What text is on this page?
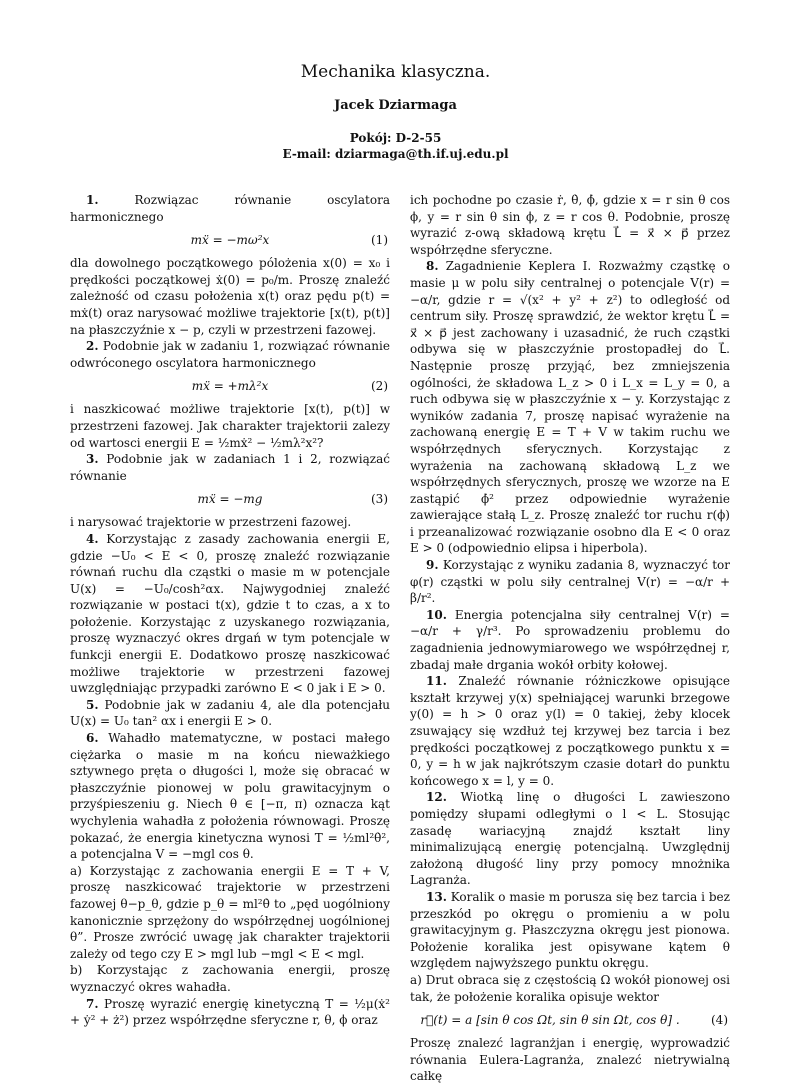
Mechanika klasyczna.
Jacek Dziarmaga
Pokój: D-2-55
E-mail: dziarmaga@th.if.uj.edu.pl

1.	Rozwiązac równanie oscylatora harmonicznego

mẍ = −mω²x	(1)

dla dowolnego początkowego pólożenia x(0) = x₀ i prędkości początkowej ẋ(0) = p₀/m. Proszę znaleźć zależność od czasu położenia x(t) oraz pędu p(t) = mẋ(t) oraz narysować możliwe trajektorie [x(t), p(t)] na płaszczyźnie x − p, czyli w przestrzeni fazowej.

2. Podobnie jak w zadaniu 1, rozwiązać równanie odwróconego oscylatora harmonicznego

mẍ = +mλ²x	(2)

i naszkicować możliwe trajektorie [x(t), p(t)] w przestrzeni fazowej. Jak charakter trajektorii zalezy od wartosci energii E = ½mẋ² − ½mλ²x²?

3. Podobnie jak w zadaniach 1 i 2, rozwiązać równanie

mẍ = −mg	(3)

i narysować trajektorie w przestrzeni fazowej.

4. Korzystając z zasady zachowania energii E, gdzie −U₀ < E < 0, proszę znaleźć rozwiązanie równań ruchu dla cząstki o masie m w potencjale U(x) = −U₀/cosh²αx. Najwygodniej znaleźć rozwiązanie w postaci t(x), gdzie t to czas, a x to położenie. Korzystając z uzyskanego rozwiązania, proszę wyznaczyć okres drgań w tym potencjale w funkcji energii E. Dodatkowo proszę naszkicować możliwe trajektorie w przestrzeni fazowej uwzględniając przypadki zarówno E < 0 jak i E > 0.

5. Podobnie jak w zadaniu 4, ale dla potencjału U(x) = U₀ tan² αx i energii E > 0.

6. Wahadło matematyczne, w postaci małego ciężarka o masie m na końcu nieważkiego sztywnego pręta o długości l, może się obracać w płaszczyźnie pionowej w polu grawitacyjnym o przyśpieszeniu g. Niech θ ∈ [−π, π) oznacza kąt wychylenia wahadła z położenia równowagi. Proszę pokazać, że energia kinetyczna wynosi T = ½ml²θ̇², a potencjalna V = −mgl cos θ.

a) Korzystając z zachowania energii E = T + V, proszę naszkicować trajektorie w przestrzeni fazowej θ−p_θ, gdzie p_θ = ml²θ̇ to „pęd uogólniony kanonicznie sprzężony do współrzędnej uogólnionej θ”. Prosze zwrócić uwagę jak charakter trajektorii zależy od tego czy E > mgl lub −mgl < E < mgl.

b) Korzystając z zachowania energii, proszę wyznaczyć okres wahadła.

7. Proszę wyrazić energię kinetyczną T = ½μ(ẋ² + ẏ² + ż²) przez współrzędne sferyczne r, θ, ϕ oraz

ich pochodne po czasie ṙ, θ̇, ϕ̇, gdzie x = r sin θ cos ϕ, y = r sin θ sin ϕ, z = r cos θ. Podobnie, proszę wyrazić z-ową składową krętu L⃗ = x⃗ × p⃗ przez współrzędne sferyczne.

8. Zagadnienie Keplera I. Rozważmy cząstkę o masie μ w polu siły centralnej o potencjale V(r) = −α/r, gdzie r = √(x² + y² + z²) to odległość od centrum siły. Proszę sprawdzić, że wektor krętu L⃗ = x⃗ × p⃗ jest zachowany i uzasadnić, że ruch cząstki odbywa się w płaszczyźnie prostopadłej do L⃗. Następnie proszę przyjąć, bez zmniejszenia ogólności, że składowa L_z > 0 i L_x = L_y = 0, a ruch odbywa się w płaszczyźnie x − y. Korzystając z wyników zadania 7, proszę napisać wyrażenie na zachowaną energię E = T + V w takim ruchu we współrzędnych sferycznych. Korzystając z wyrażenia na zachowaną składową L_z we współrzędnych sferycznych, proszę we wzorze na E zastąpić ϕ̇² przez odpowiednie wyrażenie zawierające stałą L_z. Proszę znaleźć tor ruchu r(ϕ) i przeanalizować rozwiązanie osobno dla E < 0 oraz E > 0 (odpowiednio elipsa i hiperbola).

9. Korzystając z wyniku zadania 8, wyznaczyć tor φ(r) cząstki w polu siły centralnej V(r) = −α/r + β/r².

10. Energia potencjalna siły centralnej V(r) = −α/r + γ/r³. Po sprowadzeniu problemu do zagadnienia jednowymiarowego we współrzędnej r, zbadaj małe drgania wokół orbity kołowej.

11. Znaleźć równanie różniczkowe opisujące kształt krzywej y(x) spełniającej warunki brzegowe y(0) = h > 0 oraz y(l) = 0 takiej, żeby klocek zsuwający się wzdłuż tej krzywej bez tarcia i bez prędkości początkowej z początkowego punktu x = 0, y = h w jak najkrótszym czasie dotarł do punktu końcowego x = l, y = 0.

12. Wiotką linę o długości L zawieszono pomiędzy słupami odległymi o l < L. Stosując zasadę wariacyjną znajdź kształt liny minimalizującą energię potencjalną. Uwzględnij założoną długość liny przy pomocy mnożnika Lagranża.

13. Koralik o masie m porusza się bez tarcia i bez przeszkód po okręgu o promieniu a w polu grawitacyjnym g. Płaszczyzna okręgu jest pionowa. Położenie koralika jest opisywane kątem θ względem najwyższego punktu okręgu.

a) Drut obraca się z częstością Ω wokół pionowej osi tak, że położenie koralika opisuje wektor

r⃗(t) = a [sin θ cos Ωt, sin θ sin Ωt, cos θ] .	(4)

Proszę znalezć lagranżjan i energię, wyprowadzić równania Eulera-Lagranża, znalezć nietrywialną całkę
